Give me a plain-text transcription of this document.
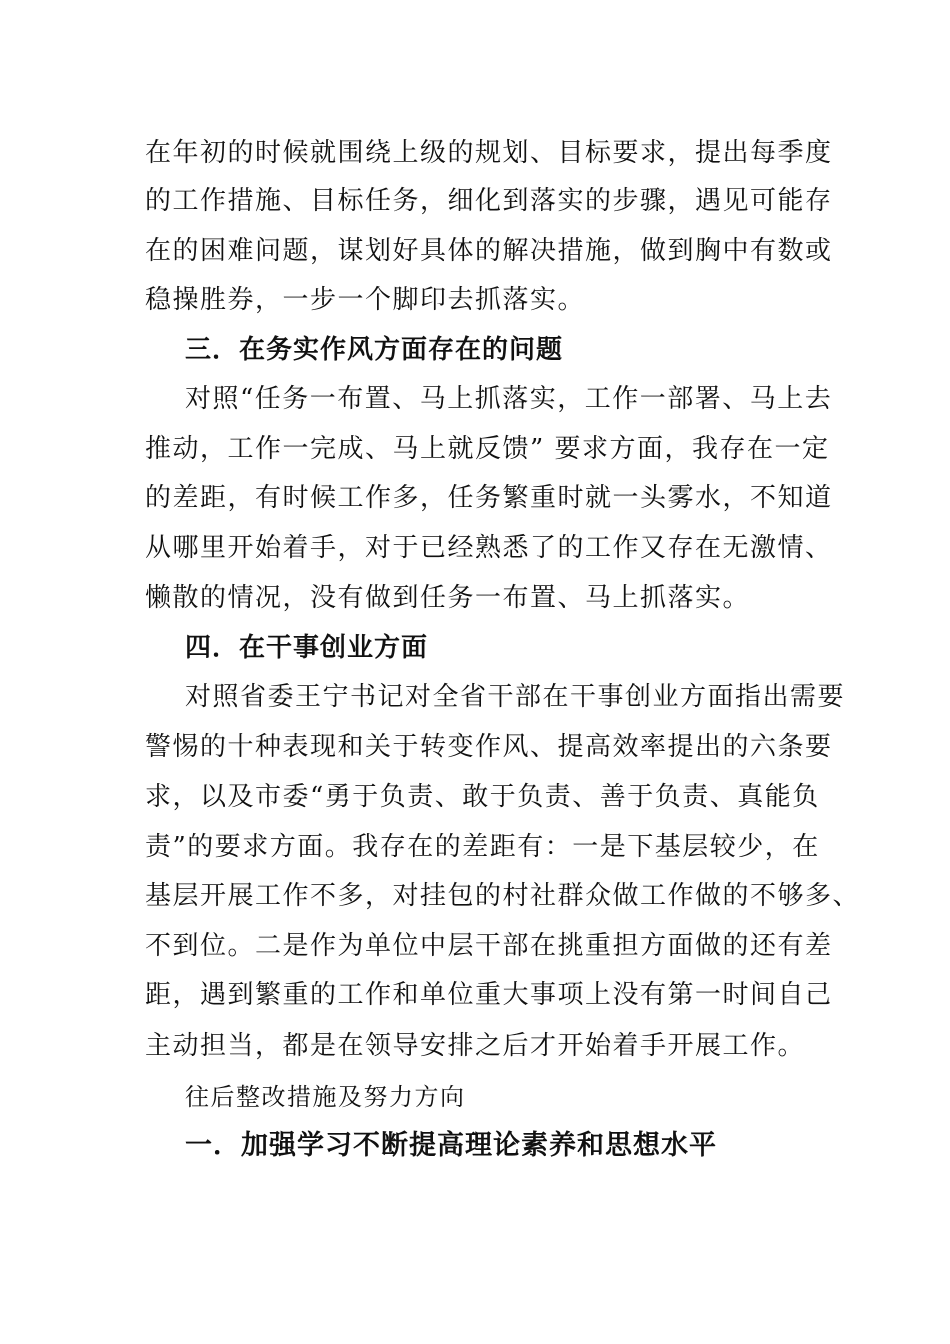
在年初的时候就围绕上级的规划、目标要求，提出每季度
的工作措施、目标任务，细化到落实的步骤，遇见可能存
在的困难问题，谋划好具体的解决措施，做到胸中有数或
稳操胜券，一步一个脚印去抓落实。
三．在务实作风方面存在的问题
对照“任务一布置、马上抓落实，工作一部署、马上去
推动，工作一完成、马上就反馈” 要求方面，我存在一定
的差距，有时候工作多，任务繁重时就一头雾水，不知道
从哪里开始着手，对于已经熟悉了的工作又存在无激情、
懒散的情况，没有做到任务一布置、马上抓落实。
四．在干事创业方面
对照省委王宁书记对全省干部在干事创业方面指出需要
警惕的十种表现和关于转变作风、提高效率提出的六条要
求，以及市委“勇于负责、敢于负责、善于负责、真能负
责”的要求方面。我存在的差距有：一是下基层较少，在
基层开展工作不多，对挂包的村社群众做工作做的不够多、
不到位。二是作为单位中层干部在挑重担方面做的还有差
距，遇到繁重的工作和单位重大事项上没有第一时间自己
主动担当，都是在领导安排之后才开始着手开展工作。
往后整改措施及努力方向
一．加强学习不断提高理论素养和思想水平
